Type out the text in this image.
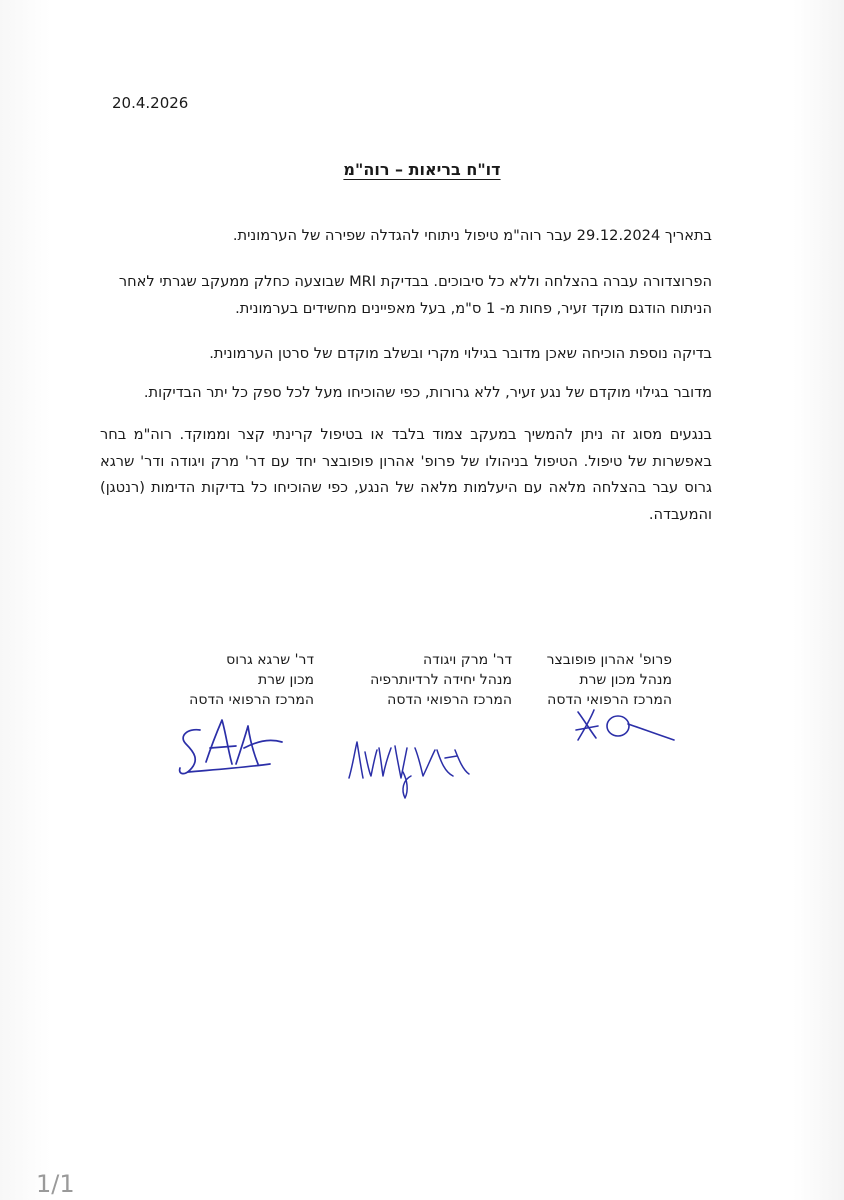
20.4.2026
דו"ח בריאות – רוה"מ
בתאריך 29.12.2024 עבר רוה"מ טיפול ניתוחי להגדלה שפירה של הערמונית.
הפרוצדורה עברה בהצלחה וללא כל סיבוכים. בבדיקת MRI שבוצעה כחלק ממעקב שגרתי לאחר הניתוח הודגם מוקד זעיר, פחות מ- 1 ס"מ, בעל מאפיינים מחשידים בערמונית.
בדיקה נוספת הוכיחה שאכן מדובר בגילוי מקרי ובשלב מוקדם של סרטן הערמונית.
מדובר בגילוי מוקדם של נגע זעיר, ללא גרורות, כפי שהוכיחו מעל לכל ספק כל יתר הבדיקות.
בנגעים מסוג זה ניתן להמשיך במעקב צמוד בלבד או בטיפול קרינתי קצר וממוקד. רוה"מ בחר באפשרות של טיפול. הטיפול בניהולו של פרופ' אהרון פופובצר יחד עם דר' מרק ויגודה ודר' שרגא גרוס עבר בהצלחה מלאה עם היעלמות מלאה של הנגע, כפי שהוכיחו כל בדיקות הדימות (רנטגן) והמעבדה.
פרופ' אהרון פופובצר
מנהל מכון שרת
המרכז הרפואי הדסה
דר' מרק ויגודה
מנהל יחידה לרדיותרפיה
המרכז הרפואי הדסה
דר' שרגא גרוס
מכון שרת
המרכז הרפואי הדסה
1/1
